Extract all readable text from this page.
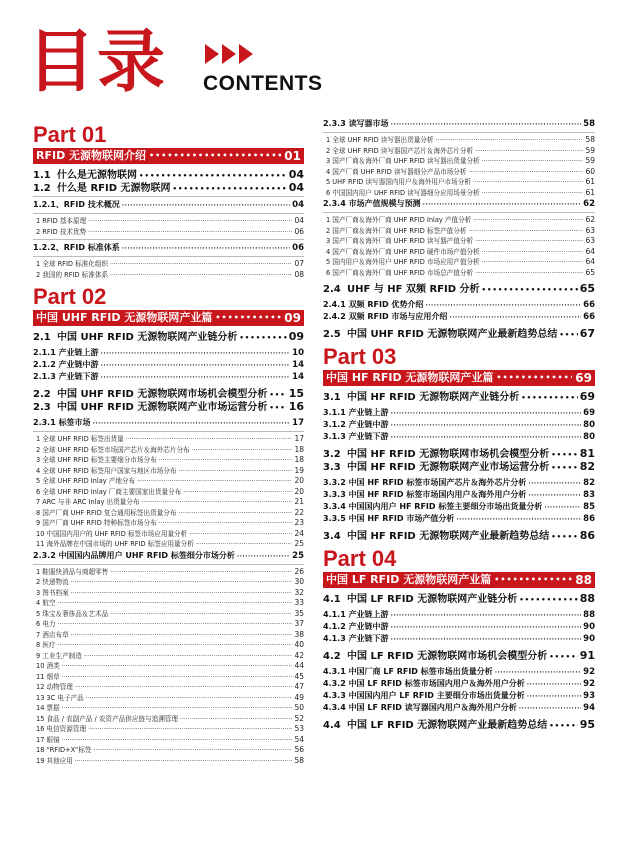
目录 CONTENTS
Part 01
RFID 无源物联网介绍 •••••	01
1.1 什么是无源物联网 •••••	04
1.2 什么是 RFID 无源物联网 •••••	04
1.2.1、RFID 技术概况 ·····	04
1 RFID 基本原理 ·····	04
2 RFID 技术优势 ·····	06
1.2.2、RFID 标准体系 ·····	06
1 全球 RFID 标准化组织 ·····	07
2 我国的 RFID 标准体系 ·····	08
Part 02
中国 UHF RFID 无源物联网产业篇 •••••	09
2.1 中国 UHF RFID 无源物联网产业链分析 •••••	09
2.1.1 产业链上游 ·····	10
2.1.2 产业链中游 ·····	14
2.1.3 产业链下游 ·····	14
2.2 中国 UHF RFID 无源物联网市场机会模型分析 ••••• 15
2.3 中国 UHF RFID 无源物联网产业市场运营分析 ••••• 16
2.3.1 标签市场 ·····	17
1 全球 UHF RFID 标签出货量 ·····	17
2 全球 UHF RFID 标签市场国产芯片＆海外芯片分布 ·····	18
3 全球 UHF RFID 标签主要细分市场分布 ·····	18
4 全球 UHF RFID 标签用户国家与地区市场分布 ·····	19
5 全球 UHF RFID Inlay 产地分布 ·····	20
6 全球 UHF RFID Inlay 厂商主要国家出货量分布 ·····	20
7 ARC 与非 ARC Inlay 出货量分布 ·····	21
8 国产厂商 UHF RFID 复合通用标签出货量分布 ·····	22
9 国产厂商 UHF RFID 特种标签市场分布 ·····	23
10 中国国内用户的 UHF RFID 标签市场应用量分析 ·····	24
11 海外品牌在中国市场的 UHF RFID 标签应用量分析 ·····	25
2.3.2 中国国内品牌用户 UHF RFID 标签细分市场分析 ·····	25
1 鞋服快消品与商超零售 ·····	26
2 快递物流 ·····	30
3 图书档案 ·····	32
4 航空 ·····	33
5 珠宝＆奢侈品＆艺术品 ·····	35
6 电力 ·····	37
7 酒店布草 ·····	38
8 医疗 ·····	40
9 工业生产制造 ·····	42
10 酒类 ·····	44
11 烟草 ·····	45
12 动物管理 ·····	47
13 3C 电子产品 ·····	49
14 票据 ·····	50
15 食品 / 农副产品 / 农资产品供应链与追溯管理 ·····	52
16 电信资源管理 ·····	53
17 眼镜 ·····	54
18 “RFID+X”标签 ·····	56
19 其他应用 ·····	58
2.3.3 读写器市场 ·····	58
1 全球 UHF RFID 读写器出货量分析 ·····	58
2 全球 UHF RFID 读写器国产芯片＆海外芯片分析 ·····	59
3 国产厂商＆海外厂商 UHF RFID 读写器出货量分析 ·····	59
4 国产厂商 UHF RFID 读写器细分产品市场分析 ·····	60
5 UHF RFID 读写器国内用户＆海外用户市场分析 ·····	61
6 中国国内用户 UHF RFID 读写器细分应用场景分析 ·····	61
2.3.4 市场产值规模与预测 ·····	62
1 国产厂商＆海外厂商 UHF RFID Inlay 产值分析 ·····	62
2 国产厂商＆海外厂商 UHF RFID 标签产值分析 ·····	63
3 国产厂商＆海外厂商 UHF RFID 读写器产值分析 ·····	63
4 国产厂商＆海外厂商 UHF RFID 硬件市场产值分析 ·····	64
5 国内用户＆海外用户 UHF RFID 市场应用产值分析 ·····	64
6 国产厂商＆海外厂商 UHF RFID 市场总产值分析 ·····	65
2.4 UHF 与 HF 双频 RFID 分析 •••••	65
2.4.1 双频 RFID 优势介绍 ·····	66
2.4.2 双频 RFID 市场与应用介绍 ·····	66
2.5 中国 UHF RFID 无源物联网产业最新趋势总结 ••••• 67
Part 03
中国 HF RFID 无源物联网产业篇 •••••	69
3.1 中国 HF RFID 无源物联网产业链分析 •••••	69
3.1.1 产业链上游 ·····	69
3.1.2 产业链中游 ·····	80
3.1.3 产业链下游 ·····	80
3.2 中国 HF RFID 无源物联网市场机会模型分析 •••••	81
3.3 中国 HF RFID 无源物联网产业市场运营分析 •••••	82
3.3.2 中国 HF RFID 标签市场国产芯片＆海外芯片分析 ·····	82
3.3.3 中国 HF RFID 标签市场国内用户＆海外用户分析 ·····	83
3.3.4 中国国内用户 HF RFID 标签主要细分市场出货量分析 ·····	85
3.3.5 中国 HF RFID 市场产值分析 ·····	86
3.4 中国 HF RFID 无源物联网产业最新趋势总结 •••••	86
Part 04
中国 LF RFID 无源物联网产业篇 •••••	88
4.1 中国 LF RFID 无源物联网产业链分析 •••••	88
4.1.1 产业链上游 ·····	88
4.1.2 产业链中游 ·····	90
4.1.3 产业链下游 ·····	90
4.2 中国 LF RFID 无源物联网市场机会模型分析 •••••	91
4.3.1 中国厂商 LF RFID 标签市场出货量分析 ·····	92
4.3.2 中国 LF RFID 标签市场国内用户＆海外用户分析 ·····	92
4.3.3 中国国内用户 LF RFID 主要细分市场出货量分析 ·····	93
4.3.4 中国 LF RFID 读写器国内用户＆海外用户分析 ·····	94
4.4 中国 LF RFID 无源物联网产业最新趋势总结 •••••	95
